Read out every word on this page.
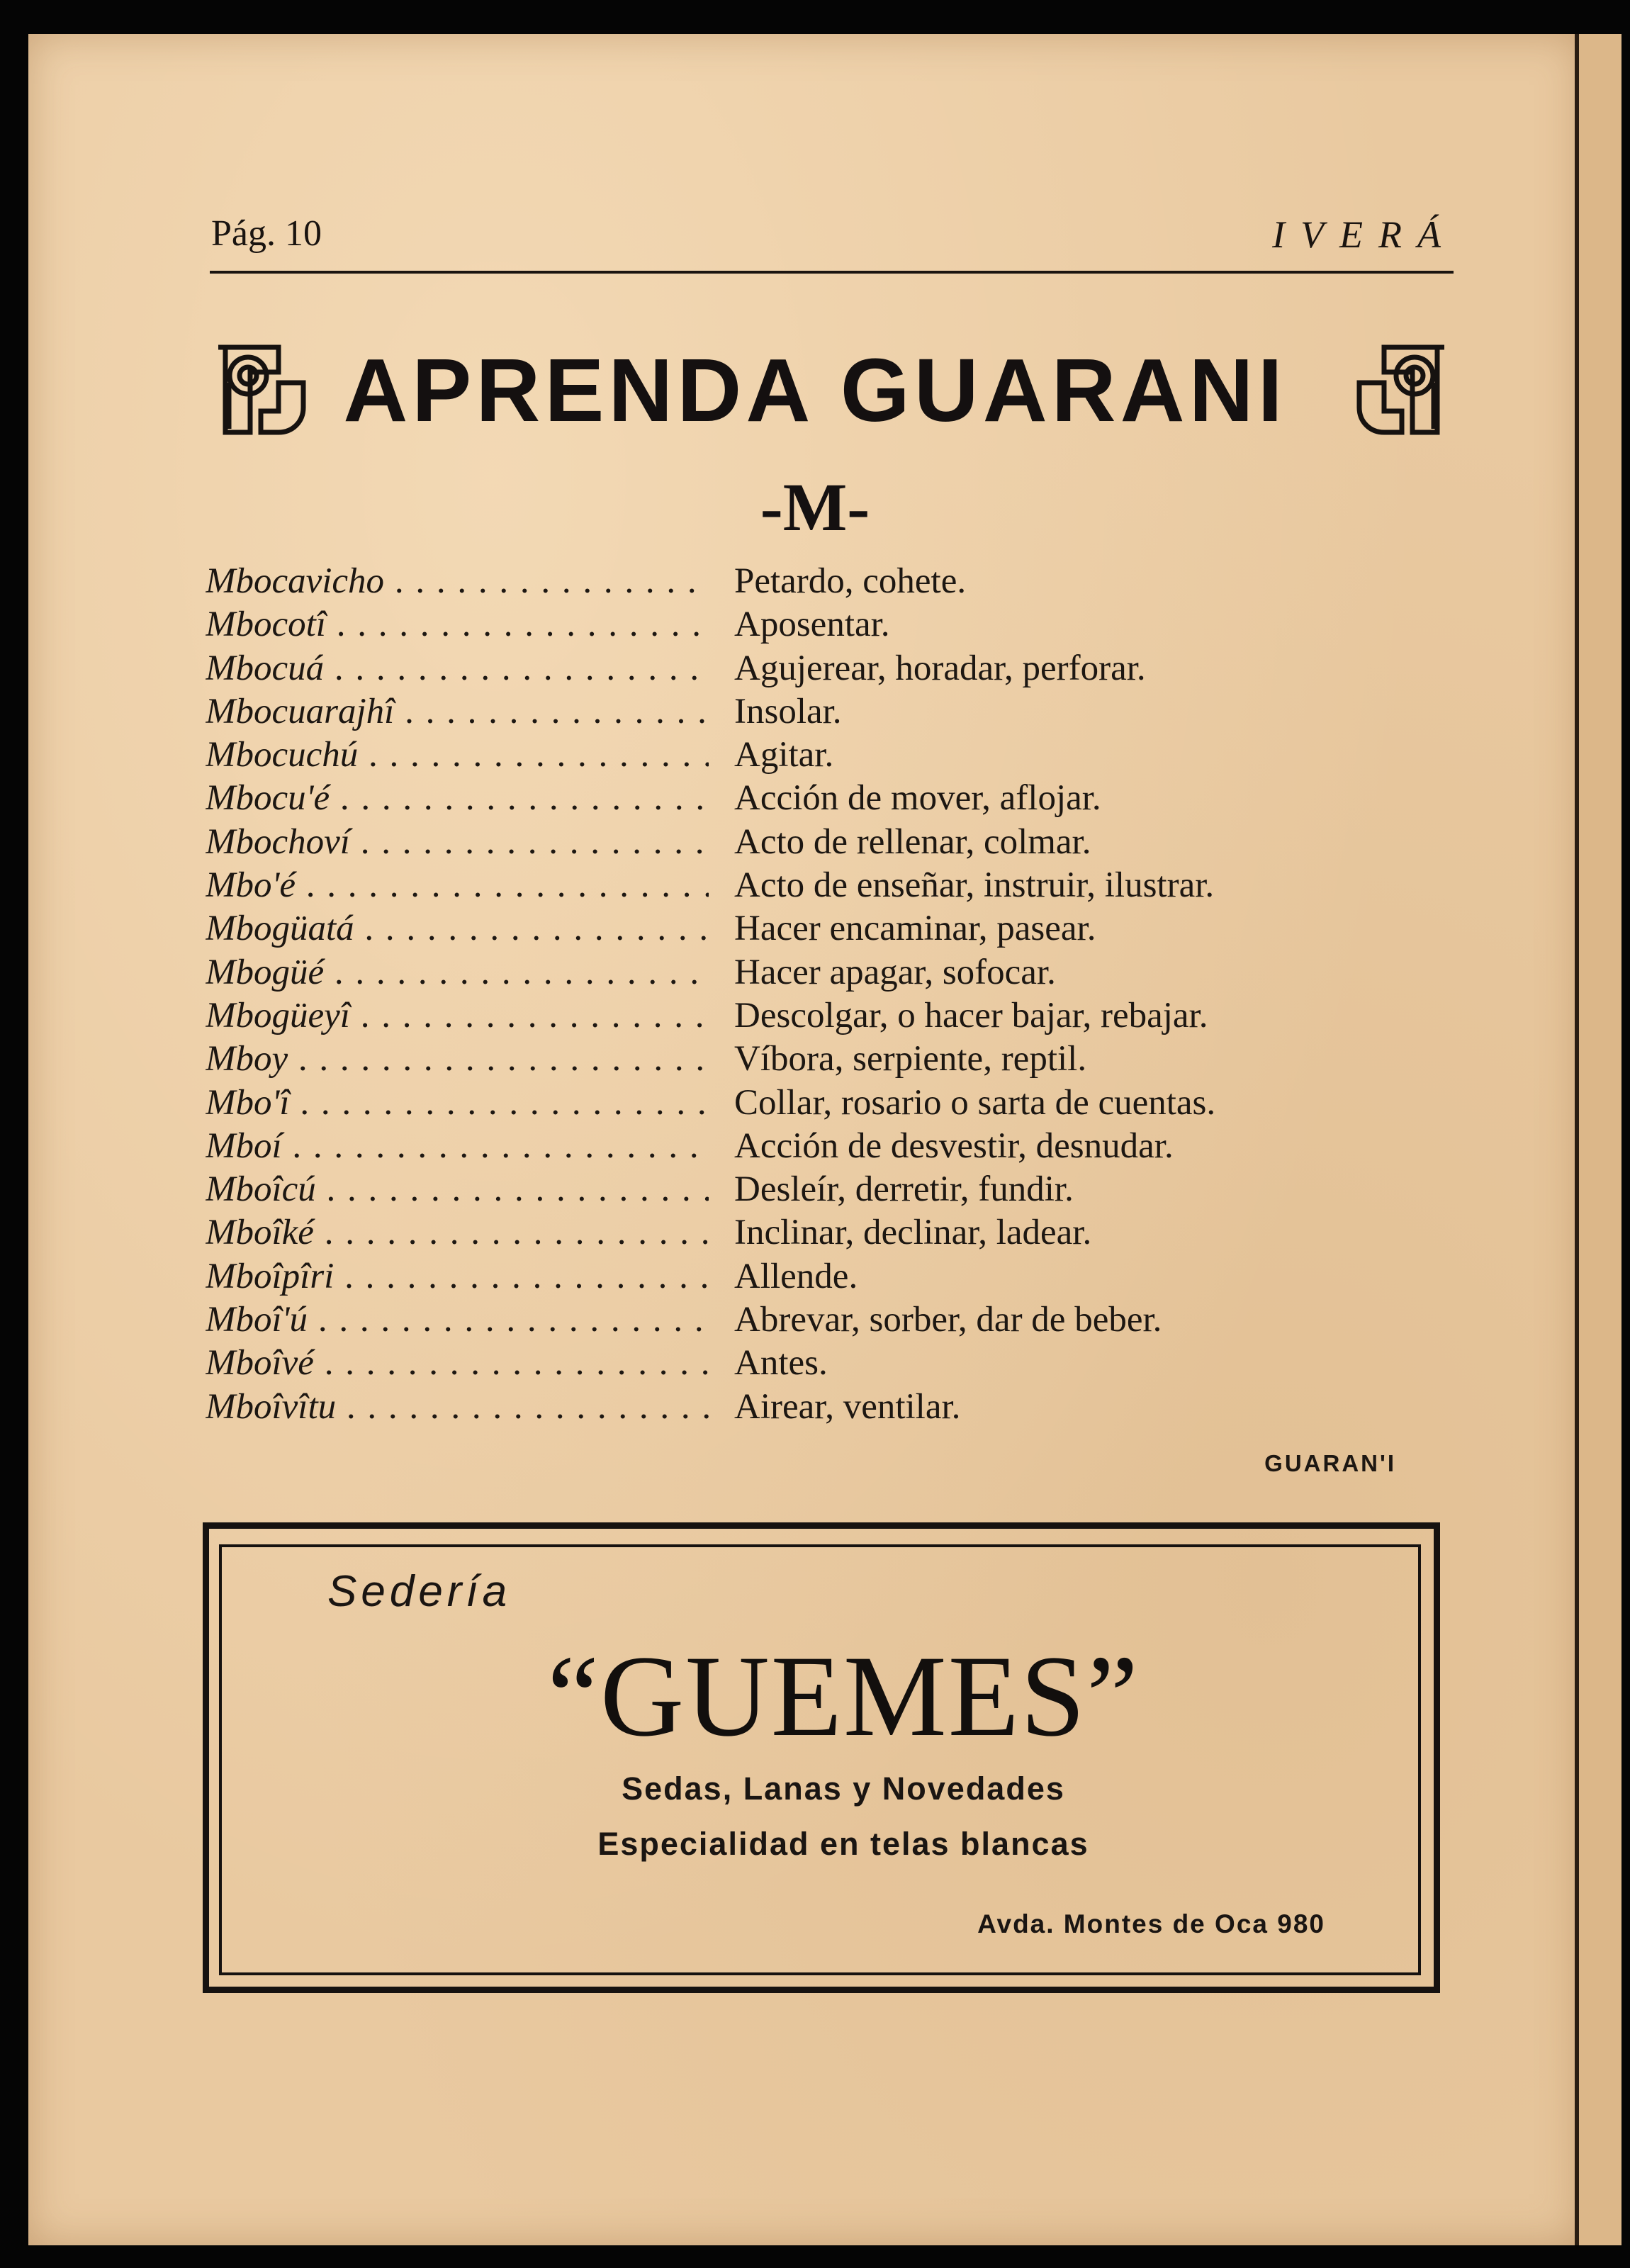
Pág. 10	IVERÁ
APRENDA GUARANI
-M-
Mbocavicho . . .	Petardo, cohete.
Mbocotî . . .	Aposentar.
Mbocuá . . .	Agujerear, horadar, perforar.
Mbocuarajhî . . .	Insolar.
Mbocuchú . . .	Agitar.
Mbocu'é . . .	Acción de mover, aflojar.
Mbochoví . . .	Acto de rellenar, colmar.
Mbo'é . . .	Acto de enseñar, instruir, ilustrar.
Mbogüatá . . .	Hacer encaminar, pasear.
Mbogüé . . .	Hacer apagar, sofocar.
Mbogüeyî . . .	Descolgar, o hacer bajar, rebajar.
Mboy . . .	Víbora, serpiente, reptil.
Mbo'î . . .	Collar, rosario o sarta de cuentas.
Mboí . . .	Acción de desvestir, desnudar.
Mboîcú . . .	Desleír, derretir, fundir.
Mboîké . . .	Inclinar, declinar, ladear.
Mboîpîri . . .	Allende.
Mboî'ú . . .	Abrevar, sorber, dar de beber.
Mboîvé . . .	Antes.
Mboîvîtu . . .	Airear, ventilar.
GUARAN'I
Sedería
“GUEMES”
Sedas, Lanas y Novedades
Especialidad en telas blancas
Avda. Montes de Oca 980
